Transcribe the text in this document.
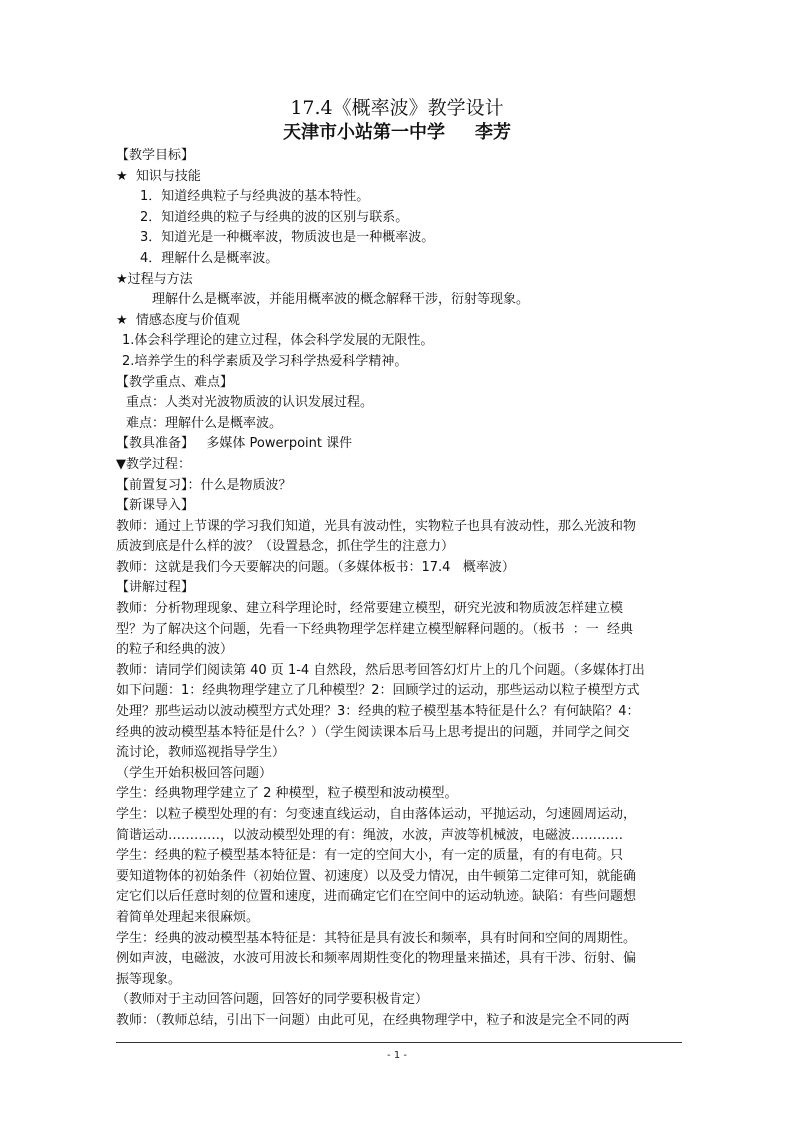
17.4《概率波》教学设计
天津市小站第一中学 李芳
【教学目标】
★  知识与技能
1．知道经典粒子与经典波的基本特性。
2．知道经典的粒子与经典的波的区别与联系。
3．知道光是一种概率波，物质波也是一种概率波。
4．理解什么是概率波。
★过程与方法
理解什么是概率波，并能用概率波的概念解释干涉，衍射等现象。
★  情感态度与价值观
1.体会科学理论的建立过程，体会科学发展的无限性。
2.培养学生的科学素质及学习科学热爱科学精神。
【教学重点、难点】
重点：人类对光波物质波的认识发展过程。
难点：理解什么是概率波。
【教具准备】   多媒体 Powerpoint 课件
▼教学过程：
【前置复习】：什么是物质波？
【新课导入】
教师：通过上节课的学习我们知道，光具有波动性，实物粒子也具有波动性，那么光波和物
质波到底是什么样的波？（设置悬念，抓住学生的注意力）
教师：这就是我们今天要解决的问题。（多媒体板书：17.4   概率波）
【讲解过程】
教师：分析物理现象、建立科学理论时，经常要建立模型，研究光波和物质波怎样建立模
型？为了解决这个问题，先看一下经典物理学怎样建立模型解释问题的。（板书  ：一  经典
的粒子和经典的波）
教师：请同学们阅读第 40 页 1-4 自然段，然后思考回答幻灯片上的几个问题。（多媒体打出
如下问题：1：经典物理学建立了几种模型？2：回顾学过的运动，那些运动以粒子模型方式
处理？那些运动以波动模型方式处理？3：经典的粒子模型基本特征是什么？有何缺陷？4：
经典的波动模型基本特征是什么？）（学生阅读课本后马上思考提出的问题，并同学之间交
流讨论，教师巡视指导学生）
（学生开始积极回答问题）
学生：经典物理学建立了 2 种模型，粒子模型和波动模型。
学生：以粒子模型处理的有：匀变速直线运动，自由落体运动，平抛运动，匀速圆周运动，
简谐运动…………，以波动模型处理的有：绳波，水波，声波等机械波，电磁波…………
学生：经典的粒子模型基本特征是：有一定的空间大小，有一定的质量，有的有电荷。只
要知道物体的初始条件（初始位置、初速度）以及受力情况，由牛顿第二定律可知，就能确
定它们以后任意时刻的位置和速度，进而确定它们在空间中的运动轨迹。缺陷：有些问题想
着简单处理起来很麻烦。
学生：经典的波动模型基本特征是：其特征是具有波长和频率，具有时间和空间的周期性。
例如声波，电磁波，水波可用波长和频率周期性变化的物理量来描述，具有干涉、衍射、偏
振等现象。
（教师对于主动回答问题，回答好的同学要积极肯定）
教师：（教师总结，引出下一问题）由此可见，在经典物理学中，粒子和波是完全不同的两
- 1 -
